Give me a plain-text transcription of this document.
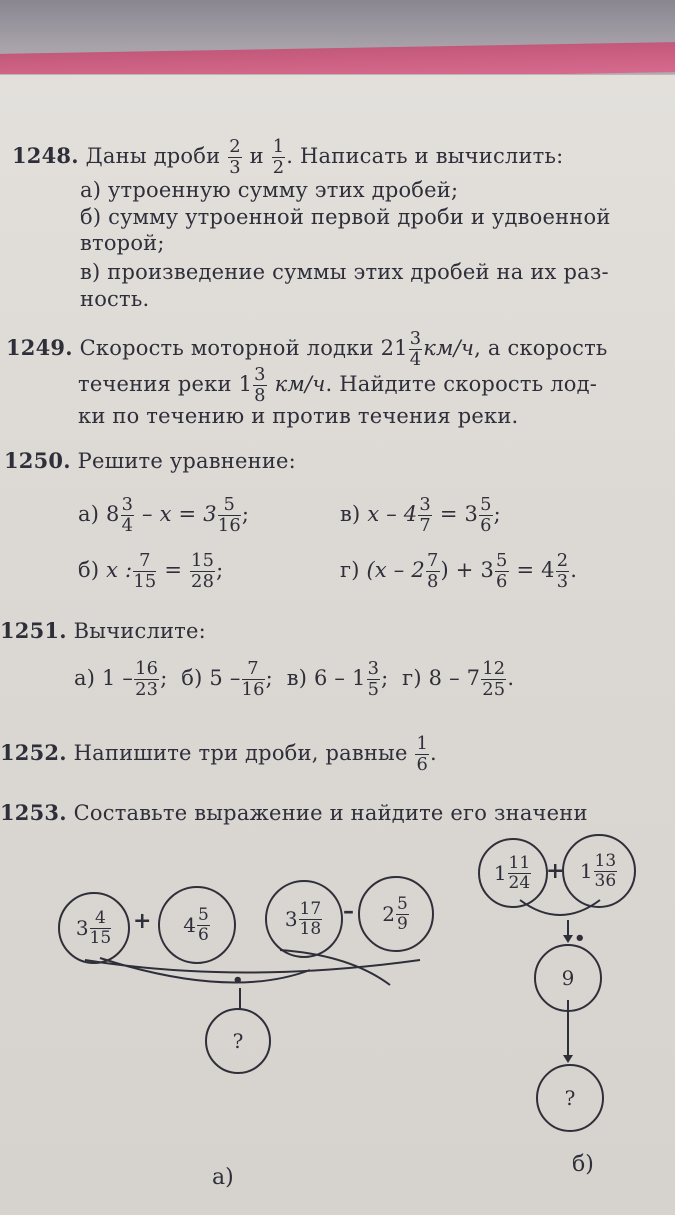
1248. Даны дроби $\frac{2}{3}$ и $\frac{1}{2}$ . Написать и вычислить:
а) утроенную сумму этих дробей;
б) сумму утроенной первой дроби и удвоенной
второй;
в) произведение суммы этих дробей на их раз-
ность.
1249. Скорость моторной лодки $21 \frac{3}{4} км/ч$, а скорость
течения реки $1 \frac{3}{8} км/ч$. Найдите скорость лод-
ки по течению и против течения реки.
1250. Решите уравнение:
а) $8 \frac{3}{4} - x = 3 \frac{5}{16}$ ;	в) $x - 4 \frac{3}{7} = 3 \frac{5}{6}$ ;
б) x : $\frac{7}{15} = \frac{15}{28}$ ;	г) ($x - 2 \frac{7}{8}$ ) + $3 \frac{5}{6} = 4 \frac{2}{3}$ .
1251. Вычислите:
а) $1 - \frac{16}{23}$ ; б) $5 - \frac{7}{16}$ ; в) $6 - 1 \frac{3}{5}$ ; г) $8 - 7 \frac{12}{25}$ .
1252. Напишите три дроби, равные $\frac{1}{6}$ .
1253. Составьте выражение и найдите его значени
3 4
15
+ 4 5
6
3 17
18
– 2 5
9
•
?
а)
1 11
24 + 1 13
36
•
9
?
б)
